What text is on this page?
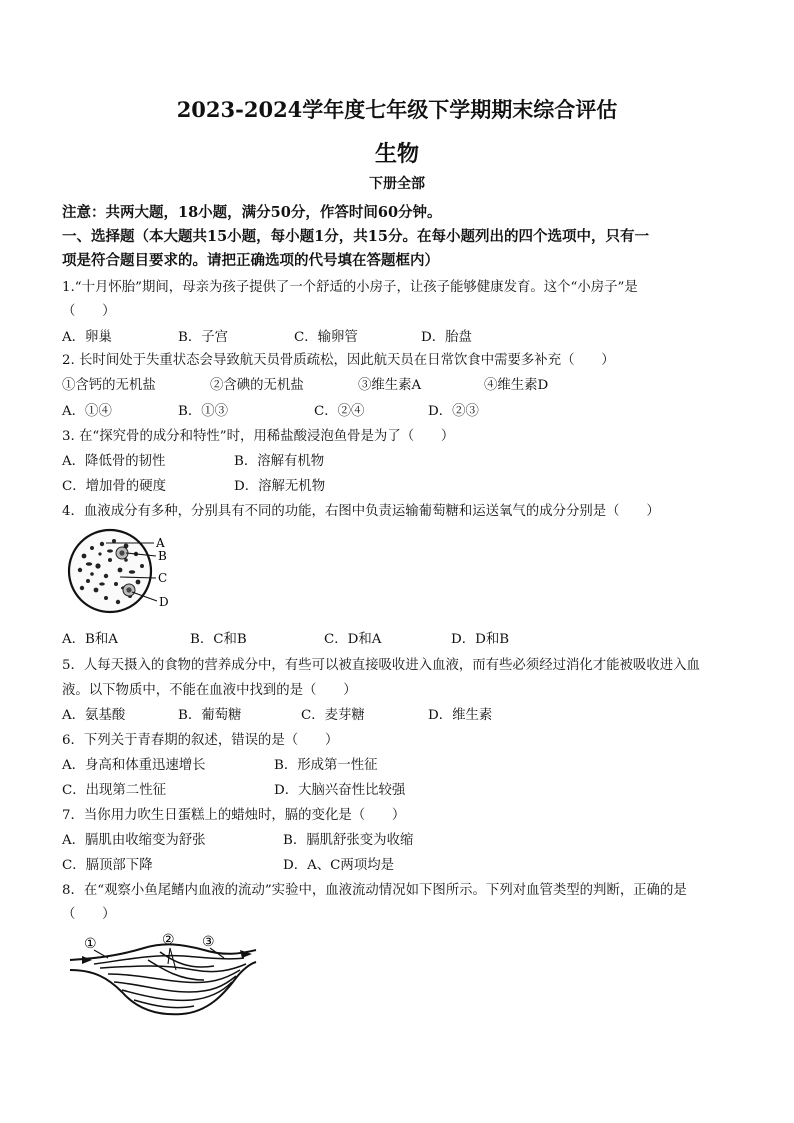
2023-2024学年度七年级下学期期末综合评估
生物
下册全部
注意：共两大题，18小题，满分50分，作答时间60分钟。
一、选择题（本大题共15小题，每小题1分，共15分。在每小题列出的四个选项中，只有一
项是符合题目要求的。请把正确选项的代号填在答题框内）
1.“十月怀胎”期间，母亲为孩子提供了一个舒适的小房子，让孩子能够健康发育。这个“小房子”是
（　　）
A．卵巢	B．子宫	C．输卵管	D．胎盘
2. 长时间处于失重状态会导致航天员骨质疏松，因此航天员在日常饮食中需要多补充（　　）
①含钙的无机盐	②含碘的无机盐	③维生素A	④维生素D
A．①④	B．①③	C．②④	D．②③
3. 在“探究骨的成分和特性”时，用稀盐酸浸泡鱼骨是为了（　　）
A．降低骨的韧性	B．溶解有机物
C．增加骨的硬度	D．溶解无机物
4．血液成分有多种，分别具有不同的功能，右图中负责运输葡萄糖和运送氧气的成分分别是（　　）
A
B
C
D
A．B和A	B．C和B	C．D和A	D．D和B
5．人每天摄入的食物的营养成分中，有些可以被直接吸收进入血液，而有些必须经过消化才能被吸收进入血
液。以下物质中，不能在血液中找到的是（　　）
A．氨基酸	B．葡萄糖	C．麦芽糖	D．维生素
6．下列关于青春期的叙述，错误的是（　　）
A．身高和体重迅速增长	B．形成第一性征
C．出现第二性征	D．大脑兴奋性比较强
7．当你用力吹生日蛋糕上的蜡烛时，膈的变化是（　　）
A．膈肌由收缩变为舒张	B．膈肌舒张变为收缩
C．膈顶部下降	D．A、C两项均是
8．在“观察小鱼尾鳍内血液的流动”实验中，血液流动情况如下图所示。下列对血管类型的判断，正确的是
（　　）
①	② ③
